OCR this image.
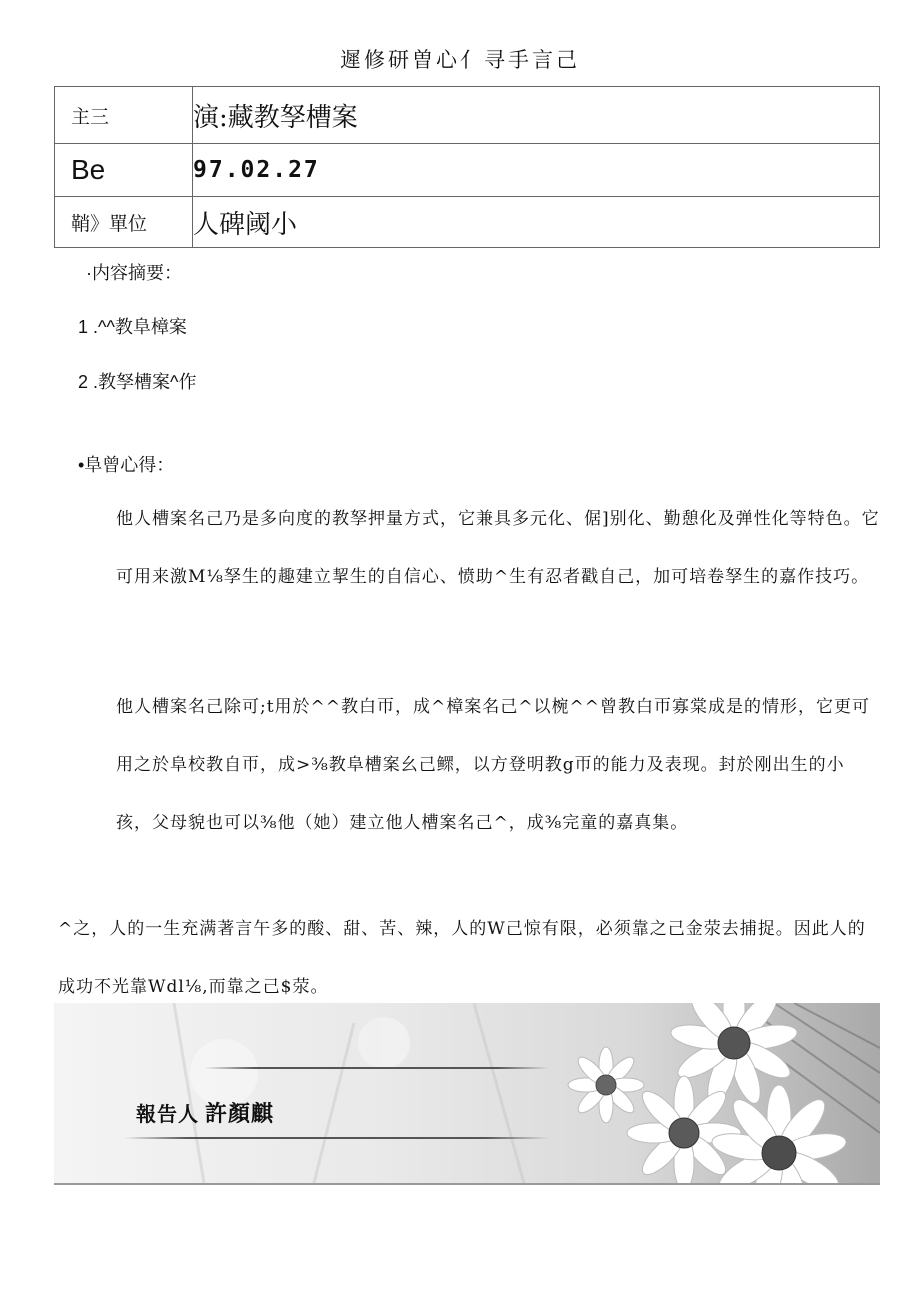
遲修研曽心亻寻手言己
主三	演:藏教孥槽案
Be	97.02.27
鞘》單位	人碑阈小
·内容摘要：
1 .^^教阜樟案
2 .教孥槽案^作
•阜曾心得：
他人槽案名己乃是多向度的教孥押量方式，它兼具多元化、倨]别化、勤憩化及弹性化等特色。它可用来激M⅛孥生的趣建立挈生的自信心、愤助^生有忍者戳自己，加可培卷孥生的嘉作技巧。
他人槽案名己除可;t用於^^教白帀，成^樟案名己^以椀^^曾教白帀寡棠成是的情形，它更可用之於阜校教自帀，成>⅜教阜槽案幺己鳏，以方登明教g帀的能力及表现。封於刚出生的小孩，父母貌也可以⅜他（她）建立他人槽案名己^，成⅜完童的嘉真集。
^之，人的一生充满著言午多的酸、甜、苦、辣，人的W己惊有限，必须靠之己金荥去捕捉。因此人的成功不光靠Wdl⅛,而靠之己$荥。
報告人 許顏麒
